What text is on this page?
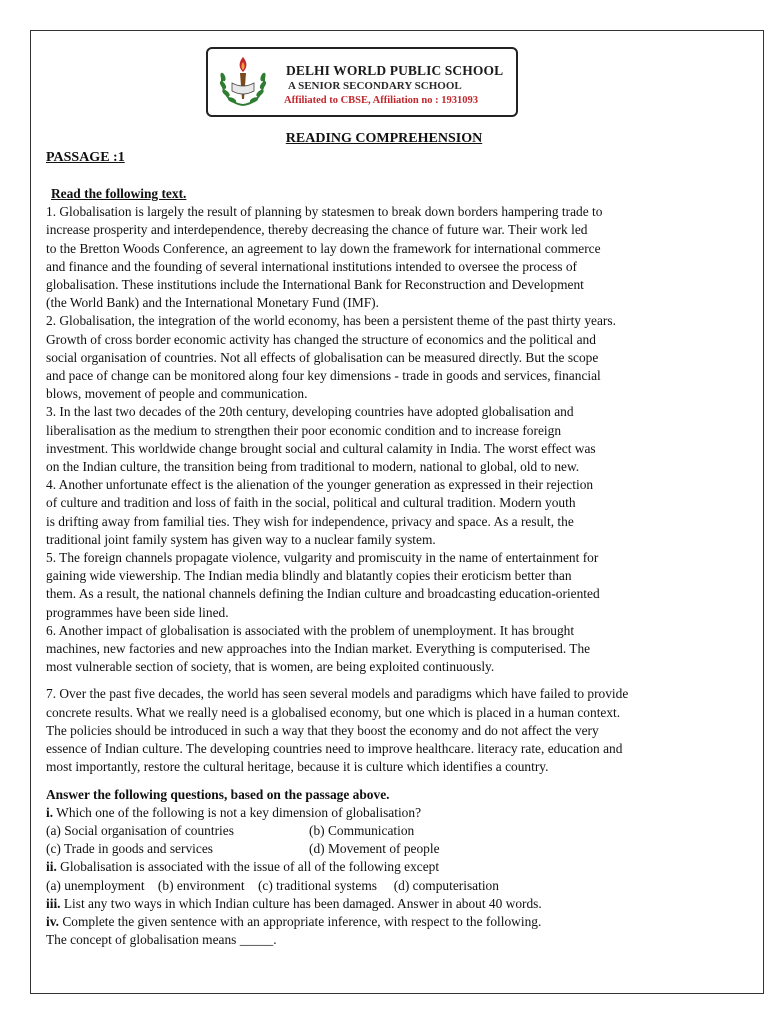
DELHI WORLD PUBLIC SCHOOL
A SENIOR SECONDARY SCHOOL
Affiliated to CBSE, Affiliation no : 1931093
READING COMPREHENSION
PASSAGE :1

Read the following text.

1. Globalisation is largely the result of planning by statesmen to break down borders hampering trade to
increase prosperity and interdependence, thereby decreasing the chance of future war. Their work led
to the Bretton Woods Conference, an agreement to lay down the framework for international commerce
and finance and the founding of several international institutions intended to oversee the process of
globalisation. These institutions include the International Bank for Reconstruction and Development
(the World Bank) and the International Monetary Fund (IMF).

2. Globalisation, the integration of the world economy, has been a persistent theme of the past thirty years.
Growth of cross border economic activity has changed the structure of economics and the political and
social organisation of countries. Not all effects of globalisation can be measured directly. But the scope
and pace of change can be monitored along four key dimensions - trade in goods and services, financial
blows, movement of people and communication.

3. In the last two decades of the 20th century, developing countries have adopted globalisation and
liberalisation as the medium to strengthen their poor economic condition and to increase foreign
investment. This worldwide change brought social and cultural calamity in India. The worst effect was
on the Indian culture, the transition being from traditional to modern, national to global, old to new.

4. Another unfortunate effect is the alienation of the younger generation as expressed in their rejection
of culture and tradition and loss of faith in the social, political and cultural tradition. Modern youth
is drifting away from familial ties. They wish for independence, privacy and space. As a result, the
traditional joint family system has given way to a nuclear family system.

5. The foreign channels propagate violence, vulgarity and promiscuity in the name of entertainment for
gaining wide viewership. The Indian media blindly and blatantly copies their eroticism better than
them. As a result, the national channels defining the Indian culture and broadcasting education-oriented
programmes have been side lined.

6. Another impact of globalisation is associated with the problem of unemployment. It has brought
machines, new factories and new approaches into the Indian market. Everything is computerised. The
most vulnerable section of society, that is women, are being exploited continuously.

7. Over the past five decades, the world has seen several models and paradigms which have failed to provide
concrete results. What we really need is a globalised economy, but one which is placed in a human context.
The policies should be introduced in such a way that they boost the economy and do not affect the very
essence of Indian culture. The developing countries need to improve healthcare. literacy rate, education and
most importantly, restore the cultural heritage, because it is culture which identifies a country.

Answer the following questions, based on the passage above.

i. Which one of the following is not a key dimension of globalisation?

(a) Social organisation of countries	(b) Communication

(c) Trade in goods and services	(d) Movement of people

ii. Globalisation is associated with the issue of all of the following except

(a) unemployment    (b) environment    (c) traditional systems     (d) computerisation

iii. List any two ways in which Indian culture has been damaged. Answer in about 40 words.

iv. Complete the given sentence with an appropriate inference, with respect to the following.

The concept of globalisation means _____.
